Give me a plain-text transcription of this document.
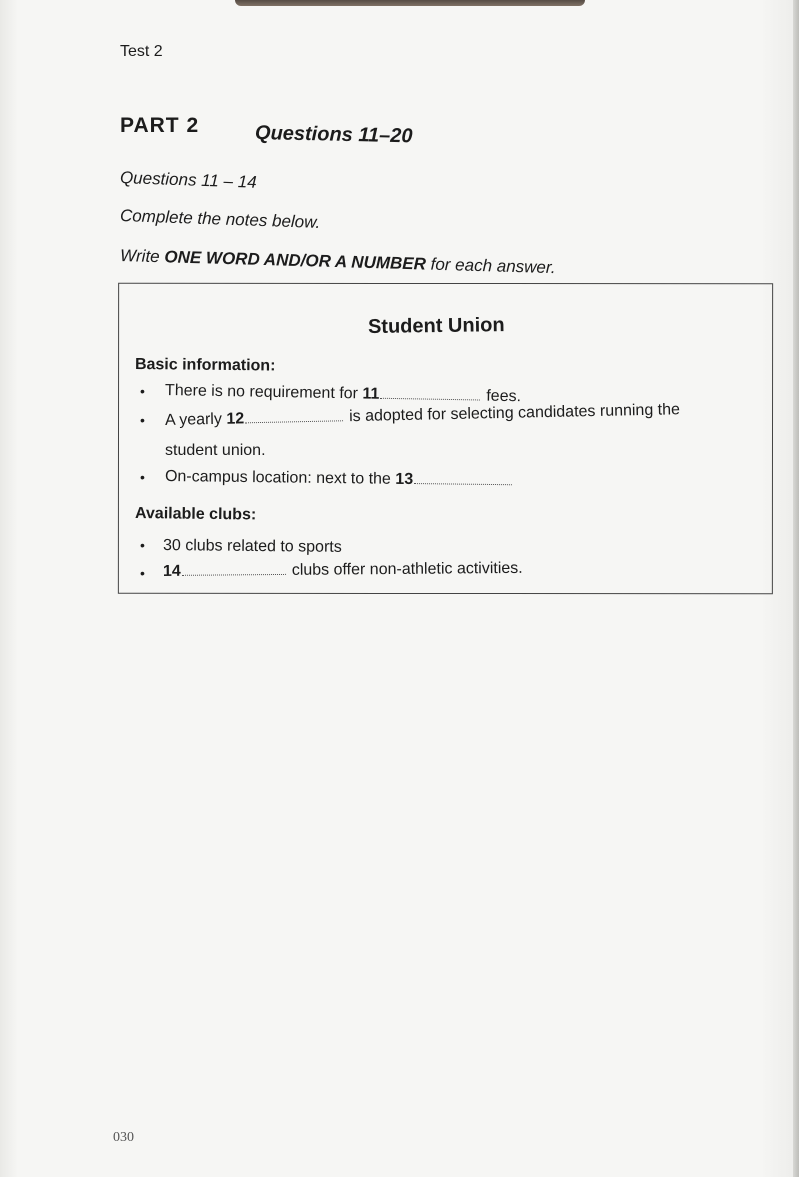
Test 2
PART 2	Questions 11–20
Questions 11 – 14
Complete the notes below.
Write ONE WORD AND/OR A NUMBER for each answer.
Student Union
Basic information:
• There is no requirement for 11	fees.
• A yearly 12	is adopted for selecting candidates running the
student union.
• On-campus location: next to the 13
Available clubs:
• 30 clubs related to sports
• 14	clubs offer non-athletic activities.
030
